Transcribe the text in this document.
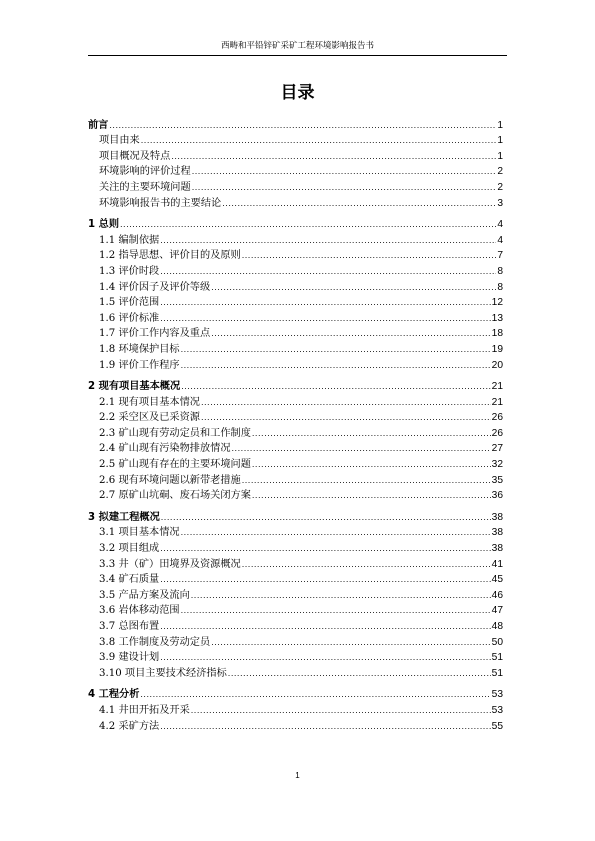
西畴和平铅锌矿采矿工程环境影响报告书
目录
前言 .....	1
项目由来 .....	1
项目概况及特点 .....	1
环境影响的评价过程 .....	2
关注的主要环境问题 .....	2
环境影响报告书的主要结论 .....	3
1 总则 .....	4
1.1 编制依据 .....	4
1.2 指导思想、评价目的及原则 .....	7
1.3 评价时段 .....	8
1.4 评价因子及评价等级 .....	8
1.5 评价范围 .....	12
1.6 评价标准 .....	13
1.7 评价工作内容及重点 .....	18
1.8 环境保护目标 .....	19
1.9 评价工作程序 .....	20
2 现有项目基本概况 .....	21
2.1 现有项目基本情况 .....	21
2.2 采空区及已采资源 .....	26
2.3 矿山现有劳动定员和工作制度 .....	26
2.4 矿山现有污染物排放情况 .....	27
2.5 矿山现有存在的主要环境问题 .....	32
2.6 现有环境问题以新带老措施 .....	35
2.7 原矿山坑硐、废石场关闭方案 .....	36
3 拟建工程概况 .....	38
3.1 项目基本情况 .....	38
3.2 项目组成 .....	38
3.3 井（矿）田境界及资源概况 .....	41
3.4 矿石质量 .....	45
3.5 产品方案及流向 .....	46
3.6 岩体移动范围 .....	47
3.7 总图布置 .....	48
3.8 工作制度及劳动定员 .....	50
3.9 建设计划 .....	51
3.10 项目主要技术经济指标 .....	51
4 工程分析 .....	53
4.1 井田开拓及开采 .....	53
4.2 采矿方法 .....	55
1
